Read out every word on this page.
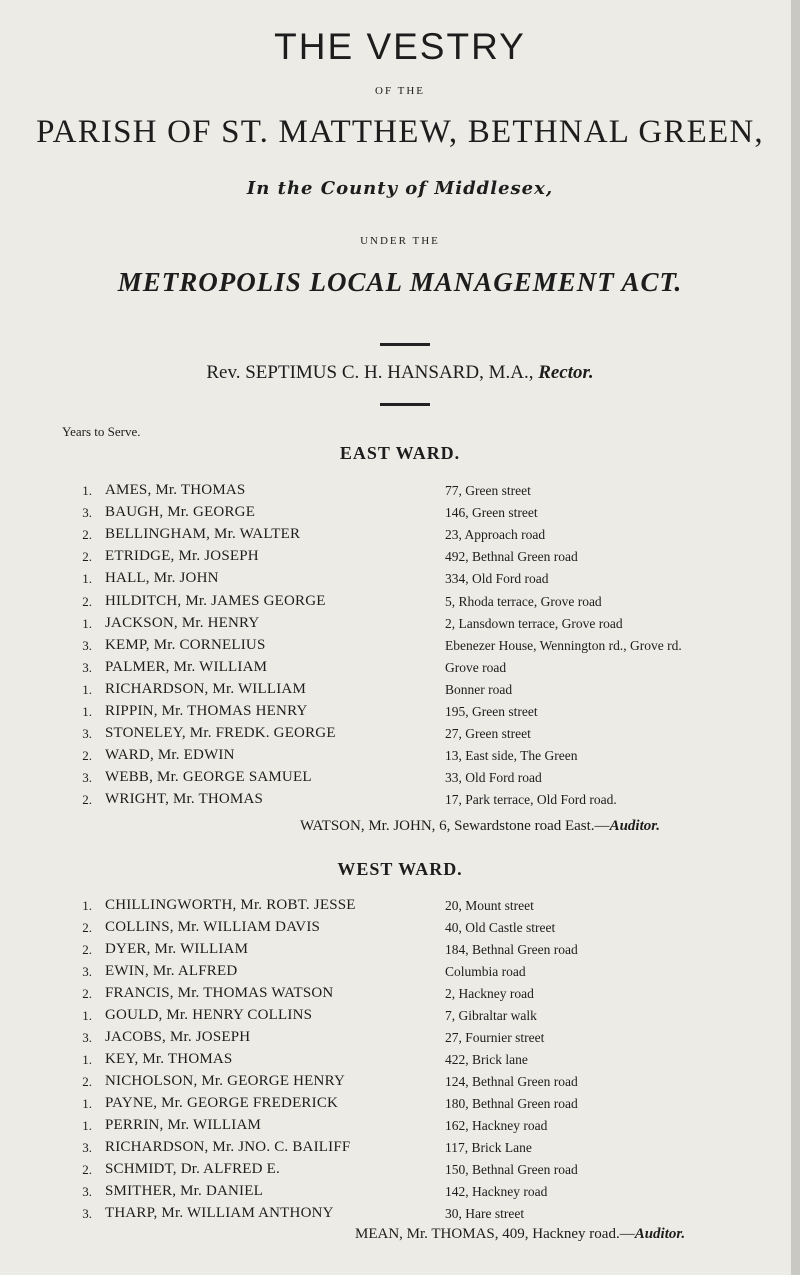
THE VESTRY
OF THE
PARISH OF ST. MATTHEW, BETHNAL GREEN,
In the County of Middlesex,
UNDER THE
METROPOLIS LOCAL MANAGEMENT ACT.
Rev. SEPTIMUS C. H. HANSARD, M.A., Rector.
Years to Serve.
EAST WARD.
1. AMES, Mr. THOMAS	77, Green street
3. BAUGH, Mr. GEORGE	146, Green street
2. BELLINGHAM, Mr. WALTER	23, Approach road
2. ETRIDGE, Mr. JOSEPH	492, Bethnal Green road
1. HALL, Mr. JOHN	334, Old Ford road
2. HILDITCH, Mr. JAMES GEORGE	5, Rhoda terrace, Grove road
1. JACKSON, Mr. HENRY	2, Lansdown terrace, Grove road
3. KEMP, Mr. CORNELIUS	Ebenezer House, Wennington rd., Grove rd.
3. PALMER, Mr. WILLIAM	Grove road
1. RICHARDSON, Mr. WILLIAM	Bonner road
1. RIPPIN, Mr. THOMAS HENRY	195, Green street
3. STONELEY, Mr. FREDK. GEORGE	27, Green street
2. WARD, Mr. EDWIN	13, East side, The Green
3. WEBB, Mr. GEORGE SAMUEL	33, Old Ford road
2. WRIGHT, Mr. THOMAS	17, Park terrace, Old Ford road.
WATSON, Mr. JOHN, 6, Sewardstone road East.—Auditor.
WEST WARD.
1. CHILLINGWORTH, Mr. ROBT. JESSE	20, Mount street
2. COLLINS, Mr. WILLIAM DAVIS	40, Old Castle street
2. DYER, Mr. WILLIAM	184, Bethnal Green road
3. EWIN, Mr. ALFRED	Columbia road
2. FRANCIS, Mr. THOMAS WATSON	2, Hackney road
1. GOULD, Mr. HENRY COLLINS	7, Gibraltar walk
3. JACOBS, Mr. JOSEPH	27, Fournier street
1. KEY, Mr. THOMAS	422, Brick lane
2. NICHOLSON, Mr. GEORGE HENRY	124, Bethnal Green road
1. PAYNE, Mr. GEORGE FREDERICK	180, Bethnal Green road
1. PERRIN, Mr. WILLIAM	162, Hackney road
3. RICHARDSON, Mr. JNO. C. BAILIFF	117, Brick Lane
2. SCHMIDT, Dr. ALFRED E.	150, Bethnal Green road
3. SMITHER, Mr. DANIEL	142, Hackney road
3. THARP, Mr. WILLIAM ANTHONY	30, Hare street
MEAN, Mr. THOMAS, 409, Hackney road.—Auditor.
